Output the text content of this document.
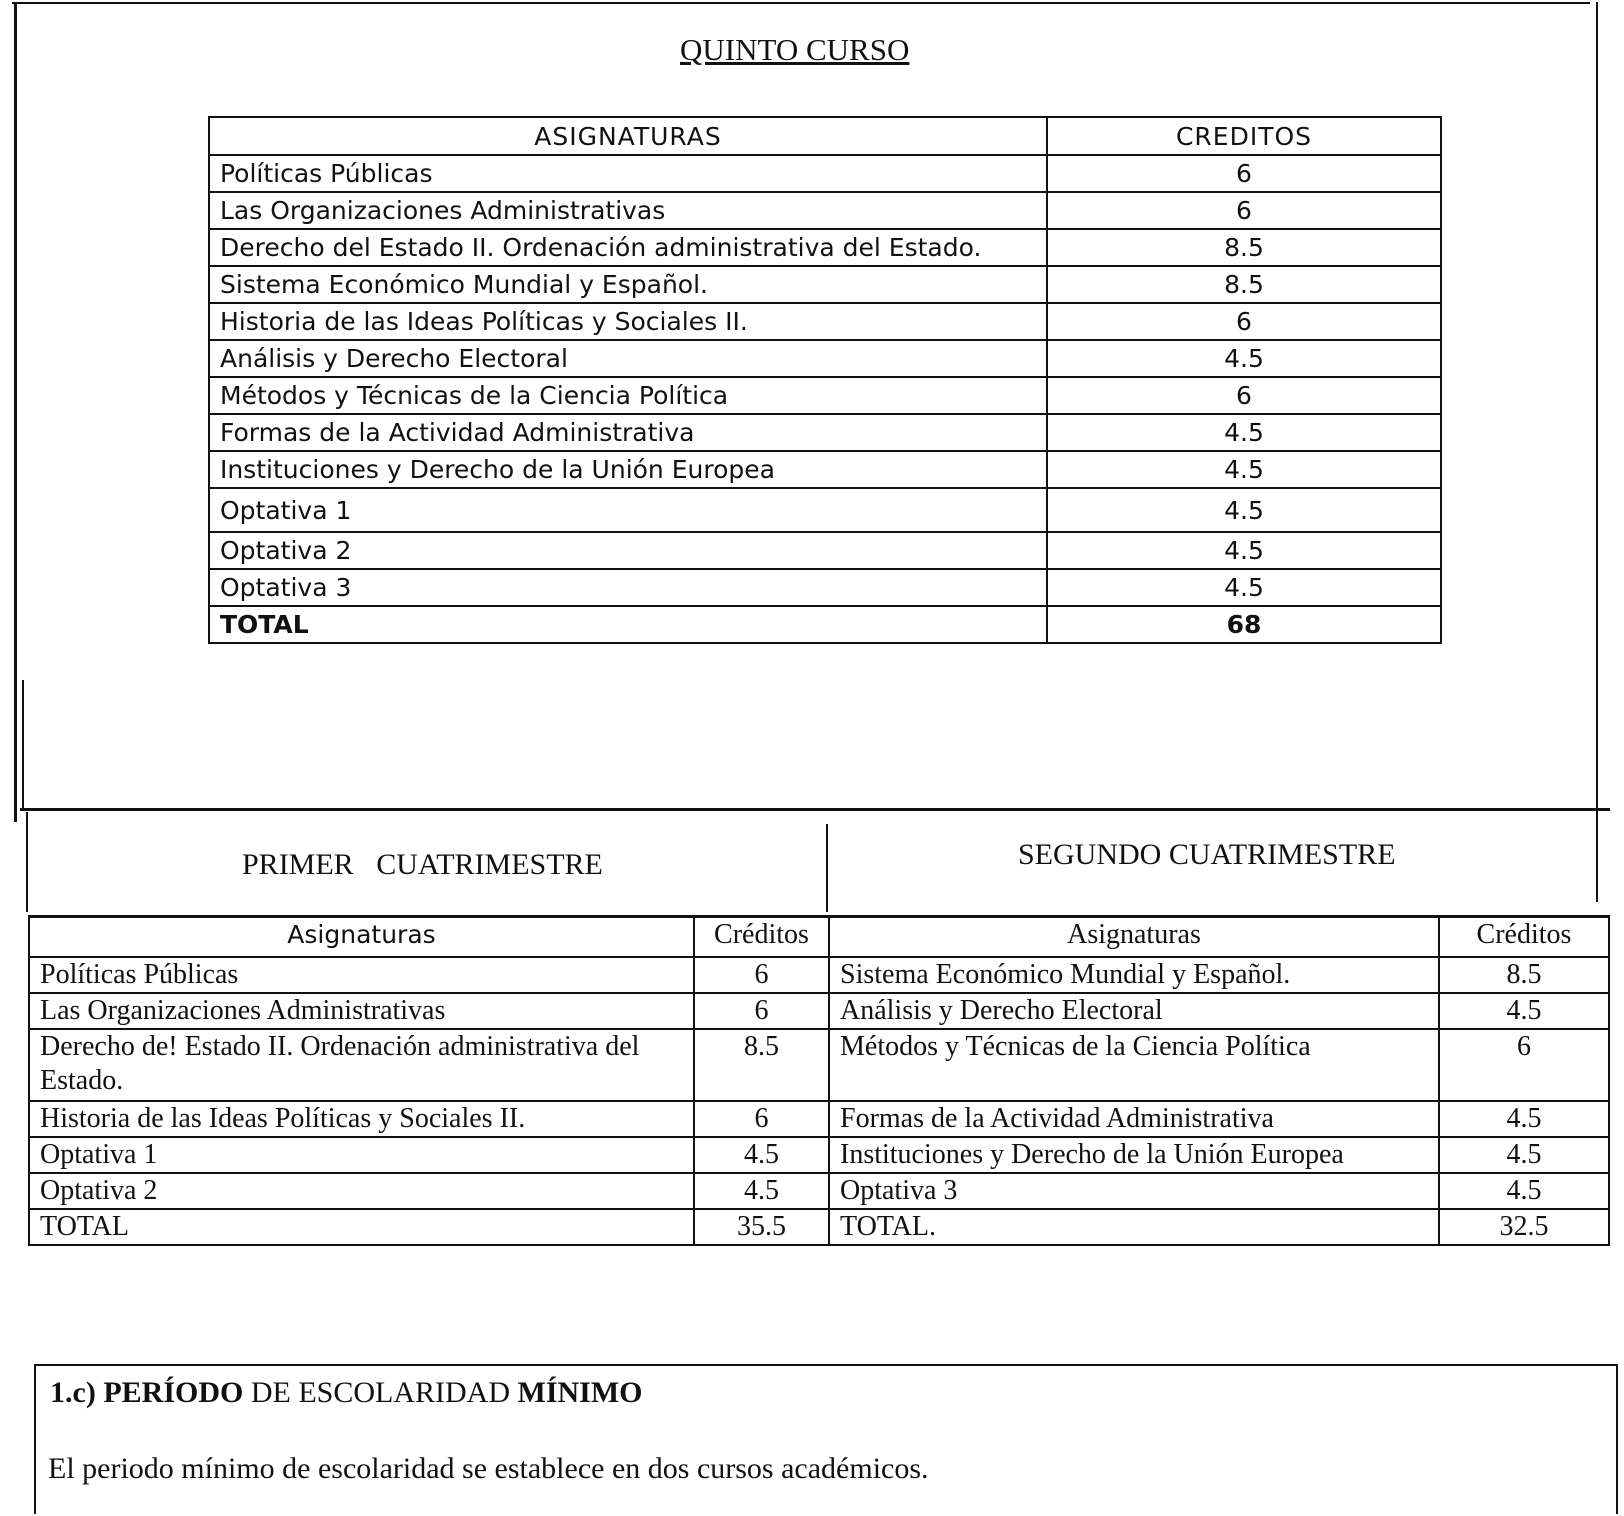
QUINTO CURSO
ASIGNATURAS	CREDITOS
Políticas Públicas	6
Las Organizaciones Administrativas	6
Derecho del Estado II. Ordenación administrativa del Estado.	8.5
Sistema Económico Mundial y Español.	8.5
Historia de las Ideas Políticas y Sociales II.	6
Análisis y Derecho Electoral	4.5
Métodos y Técnicas de la Ciencia Política	6
Formas de la Actividad Administrativa	4.5
Instituciones y Derecho de la Unión Europea	4.5
Optativa 1	4.5
Optativa 2	4.5
Optativa 3	4.5
TOTAL	68
PRIMER   CUATRIMESTRE	SEGUNDO CUATRIMESTRE
Asignaturas	Créditos	Asignaturas	Créditos
Políticas Públicas	6	Sistema Económico Mundial y Español.	8.5
Las Organizaciones Administrativas	6	Análisis y Derecho Electoral	4.5
Derecho de! Estado II. Ordenación administrativa del Estado.	8.5	Métodos y Técnicas de la Ciencia Política	6
Historia de las Ideas Políticas y Sociales II.	6	Formas de la Actividad Administrativa	4.5
Optativa 1	4.5	Instituciones y Derecho de la Unión Europea	4.5
Optativa 2	4.5	Optativa 3	4.5
TOTAL	35.5	TOTAL.	32.5
1.c) PERÍODO DE ESCOLARIDAD MÍNIMO
El periodo mínimo de escolaridad se establece en dos cursos académicos.
